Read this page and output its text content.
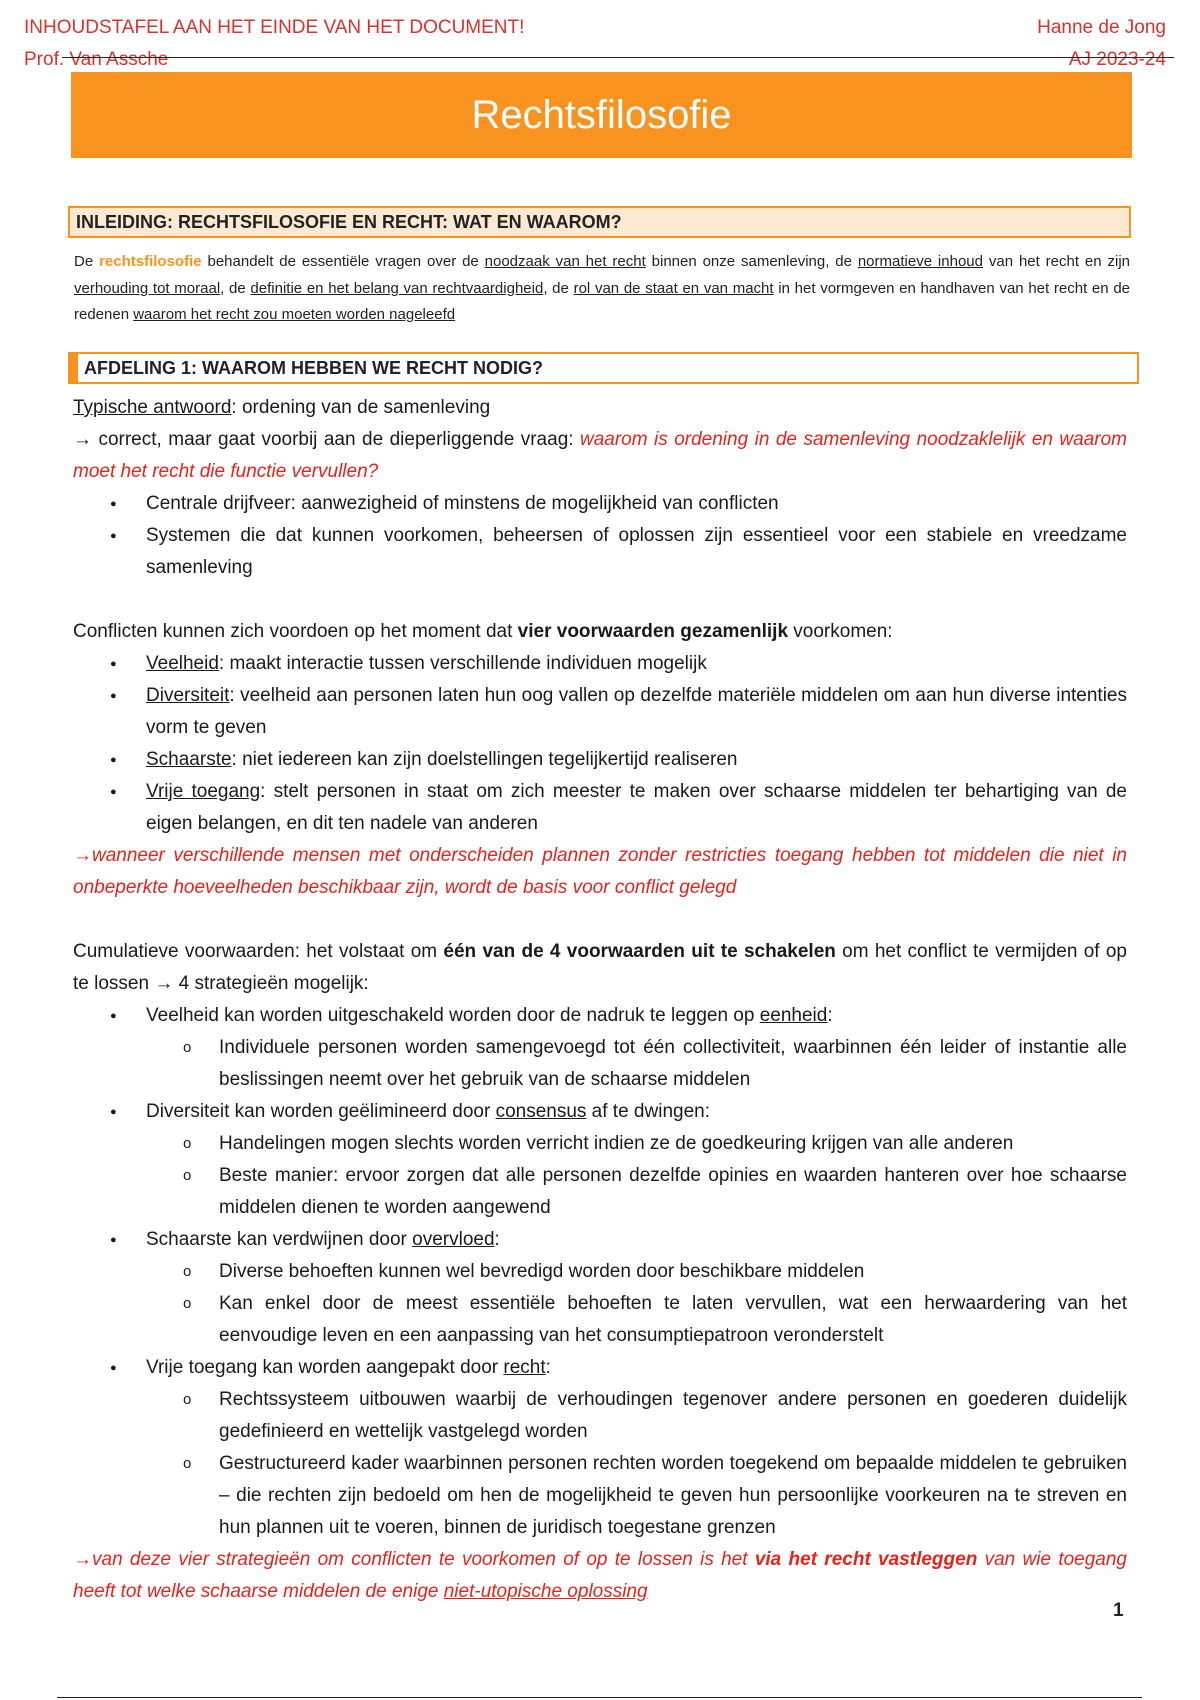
INHOUDSTAFEL AAN HET EINDE VAN HET DOCUMENT!	Hanne de Jong
Prof. Van Assche	AJ 2023-24
Rechtsfilosofie
INLEIDING: RECHTSFILOSOFIE EN RECHT: WAT EN WAAROM?
De rechtsfilosofie behandelt de essentiële vragen over de noodzaak van het recht binnen onze samenleving, de normatieve inhoud van het recht en zijn verhouding tot moraal, de definitie en het belang van rechtvaardigheid, de rol van de staat en van macht in het vormgeven en handhaven van het recht en de redenen waarom het recht zou moeten worden nageleefd
AFDELING 1: WAAROM HEBBEN WE RECHT NODIG?

Typische antwoord: ordening van de samenleving

→ correct, maar gaat voorbij aan de dieperliggende vraag: waarom is ordening in de samenleving noodzaklelijk en waarom moet het recht die functie vervullen?

● Centrale drijfveer: aanwezigheid of minstens de mogelijkheid van conflicten
● Systemen die dat kunnen voorkomen, beheersen of oplossen zijn essentieel voor een stabiele en vreedzame samenleving

Conflicten kunnen zich voordoen op het moment dat vier voorwaarden gezamenlijk voorkomen:

● Veelheid: maakt interactie tussen verschillende individuen mogelijk
● Diversiteit: veelheid aan personen laten hun oog vallen op dezelfde materiële middelen om aan hun diverse intenties vorm te geven
● Schaarste: niet iedereen kan zijn doelstellingen tegelijkertijd realiseren
● Vrije toegang: stelt personen in staat om zich meester te maken over schaarse middelen ter behartiging van de eigen belangen, en dit ten nadele van anderen

→wanneer verschillende mensen met onderscheiden plannen zonder restricties toegang hebben tot middelen die niet in onbeperkte hoeveelheden beschikbaar zijn, wordt de basis voor conflict gelegd

Cumulatieve voorwaarden: het volstaat om één van de 4 voorwaarden uit te schakelen om het conflict te vermijden of op te lossen → 4 strategieën mogelijk:

● Veelheid kan worden uitgeschakeld worden door de nadruk te leggen op eenheid:
o Individuele personen worden samengevoegd tot één collectiviteit, waarbinnen één leider of instantie alle beslissingen neemt over het gebruik van de schaarse middelen
● Diversiteit kan worden geëlimineerd door consensus af te dwingen:
o Handelingen mogen slechts worden verricht indien ze de goedkeuring krijgen van alle anderen
o Beste manier: ervoor zorgen dat alle personen dezelfde opinies en waarden hanteren over hoe schaarse middelen dienen te worden aangewend
● Schaarste kan verdwijnen door overvloed:
o Diverse behoeften kunnen wel bevredigd worden door beschikbare middelen
o Kan enkel door de meest essentiële behoeften te laten vervullen, wat een herwaardering van het eenvoudige leven en een aanpassing van het consumptiepatroon veronderstelt
● Vrije toegang kan worden aangepakt door recht:
o Rechtssysteem uitbouwen waarbij de verhoudingen tegenover andere personen en goederen duidelijk gedefinieerd en wettelijk vastgelegd worden
o Gestructureerd kader waarbinnen personen rechten worden toegekend om bepaalde middelen te gebruiken – die rechten zijn bedoeld om hen de mogelijkheid te geven hun persoonlijke voorkeuren na te streven en hun plannen uit te voeren, binnen de juridisch toegestane grenzen

→van deze vier strategieën om conflicten te voorkomen of op te lossen is het via het recht vastleggen van wie toegang heeft tot welke schaarse middelen de enige niet-utopische oplossing

1
